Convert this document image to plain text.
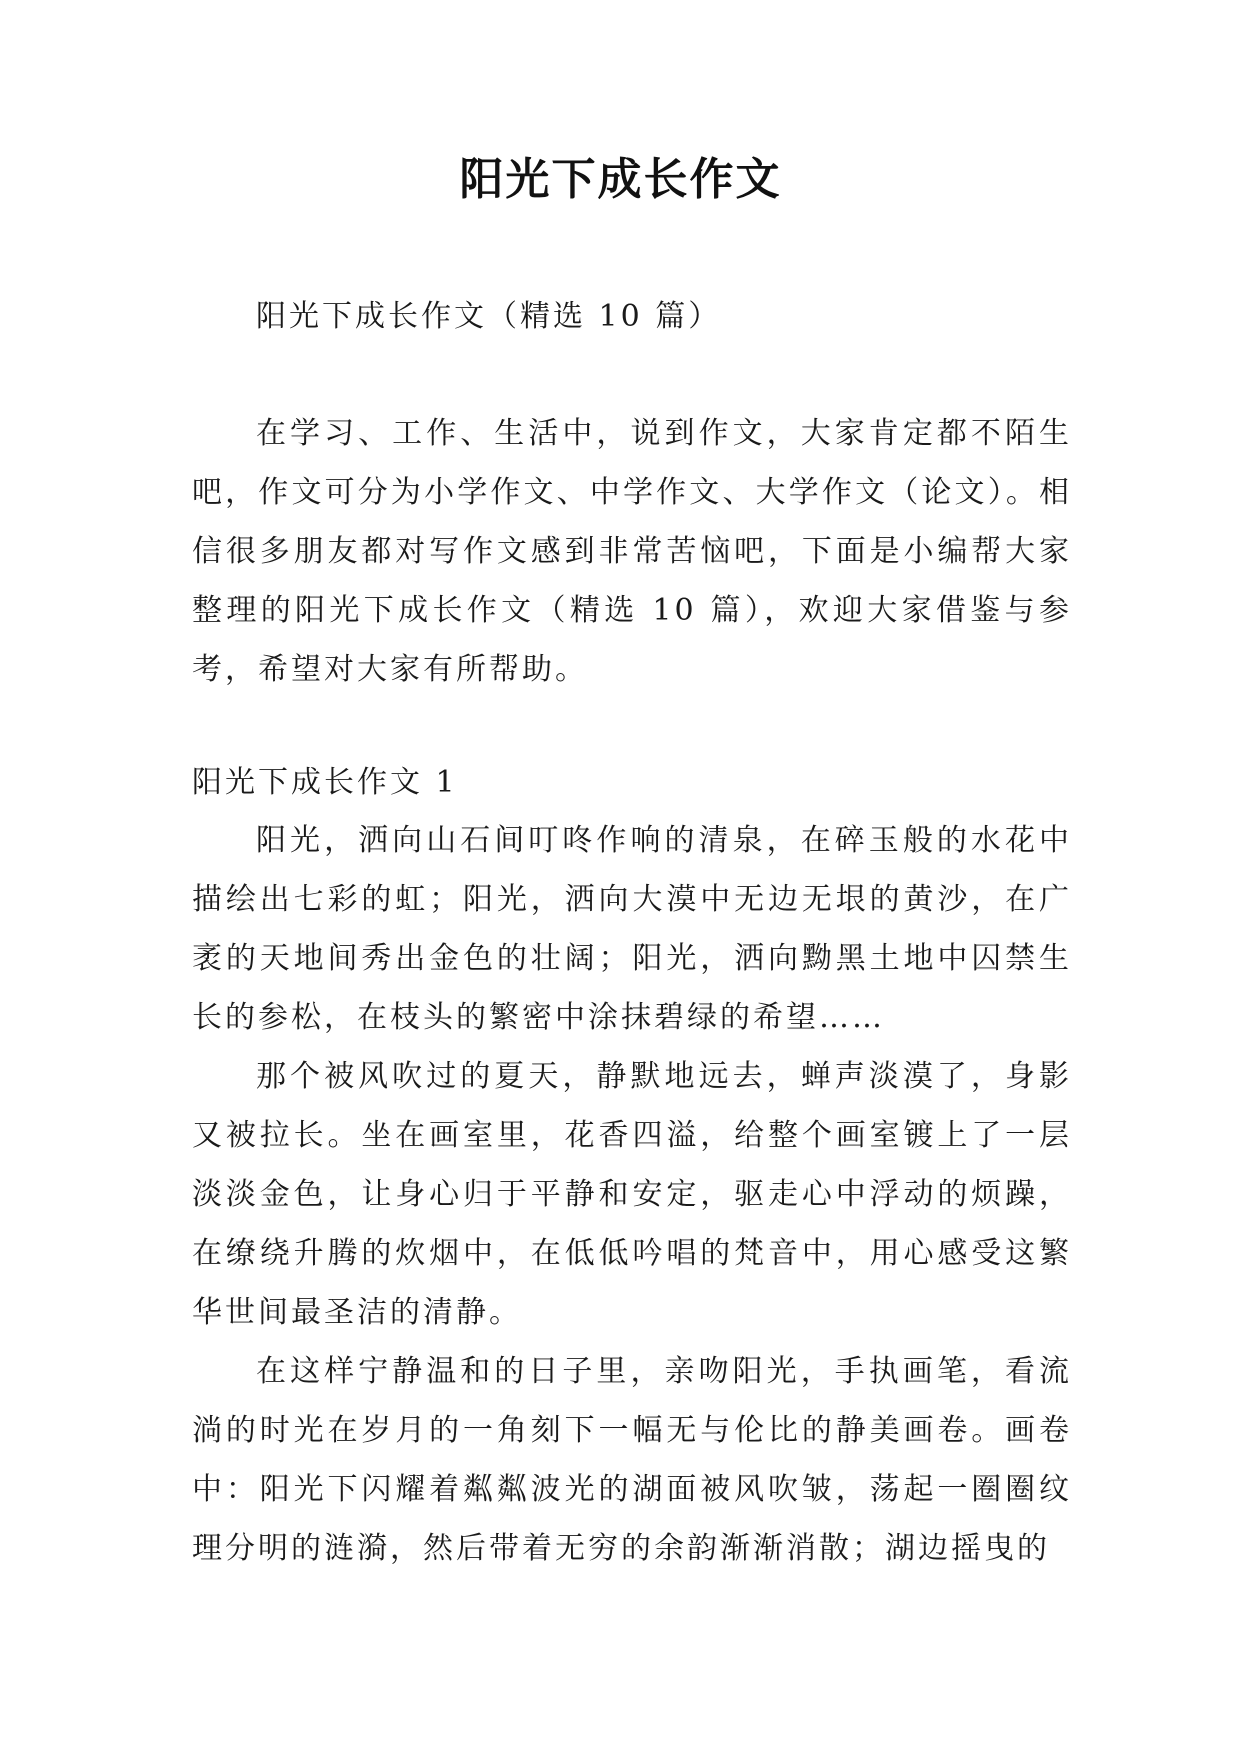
阳光下成长作文
阳光下成长作文（精选 10 篇）
在学习、工作、生活中，说到作文，大家肯定都不陌生吧，作文可分为小学作文、中学作文、大学作文（论文）。相信很多朋友都对写作文感到非常苦恼吧，下面是小编帮大家整理的阳光下成长作文（精选 10 篇），欢迎大家借鉴与参考，希望对大家有所帮助。

阳光下成长作文 1

阳光，洒向山石间叮咚作响的清泉，在碎玉般的水花中描绘出七彩的虹；阳光，洒向大漠中无边无垠的黄沙，在广袤的天地间秀出金色的壮阔；阳光，洒向黝黑土地中囚禁生长的参松，在枝头的繁密中涂抹碧绿的希望……

那个被风吹过的夏天，静默地远去，蝉声淡漠了，身影又被拉长。坐在画室里，花香四溢，给整个画室镀上了一层淡淡金色，让身心归于平静和安定，驱走心中浮动的烦躁，在缭绕升腾的炊烟中，在低低吟唱的梵音中，用心感受这繁华世间最圣洁的清静。

在这样宁静温和的日子里，亲吻阳光，手执画笔，看流淌的时光在岁月的一角刻下一幅无与伦比的静美画卷。画卷中：阳光下闪耀着粼粼波光的湖面被风吹皱，荡起一圈圈纹理分明的涟漪，然后带着无穷的余韵渐渐消散；湖边摇曳的
